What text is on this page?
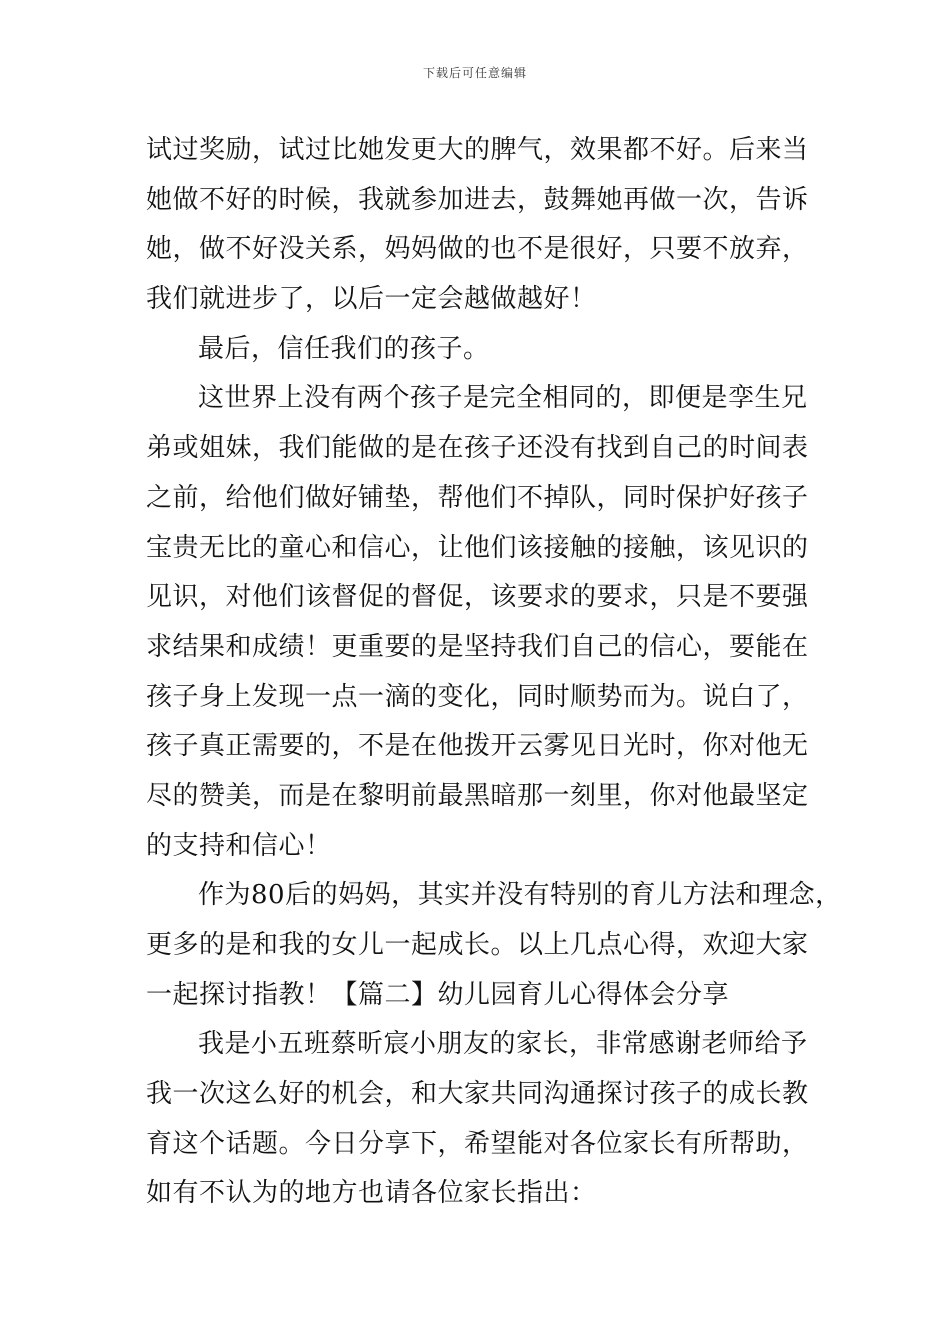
下载后可任意编辑
试过奖励，试过比她发更大的脾气，效果都不好。后来当
她做不好的时候，我就参加进去，鼓舞她再做一次，告诉
她，做不好没关系，妈妈做的也不是很好，只要不放弃，
我们就进步了，以后一定会越做越好！
最后，信任我们的孩子。
这世界上没有两个孩子是完全相同的，即便是孪生兄
弟或姐妹，我们能做的是在孩子还没有找到自己的时间表
之前，给他们做好铺垫，帮他们不掉队，同时保护好孩子
宝贵无比的童心和信心，让他们该接触的接触，该见识的
见识，对他们该督促的督促，该要求的要求，只是不要强
求结果和成绩！更重要的是坚持我们自己的信心，要能在
孩子身上发现一点一滴的变化，同时顺势而为。说白了，
孩子真正需要的，不是在他拨开云雾见日光时，你对他无
尽的赞美，而是在黎明前最黑暗那一刻里，你对他最坚定
的支持和信心！
作为80后的妈妈，其实并没有特别的育儿方法和理念，
更多的是和我的女儿一起成长。以上几点心得，欢迎大家
一起探讨指教！【篇二】幼儿园育儿心得体会分享
我是小五班蔡昕宸小朋友的家长，非常感谢老师给予
我一次这么好的机会，和大家共同沟通探讨孩子的成长教
育这个话题。今日分享下，希望能对各位家长有所帮助，
如有不认为的地方也请各位家长指出：
